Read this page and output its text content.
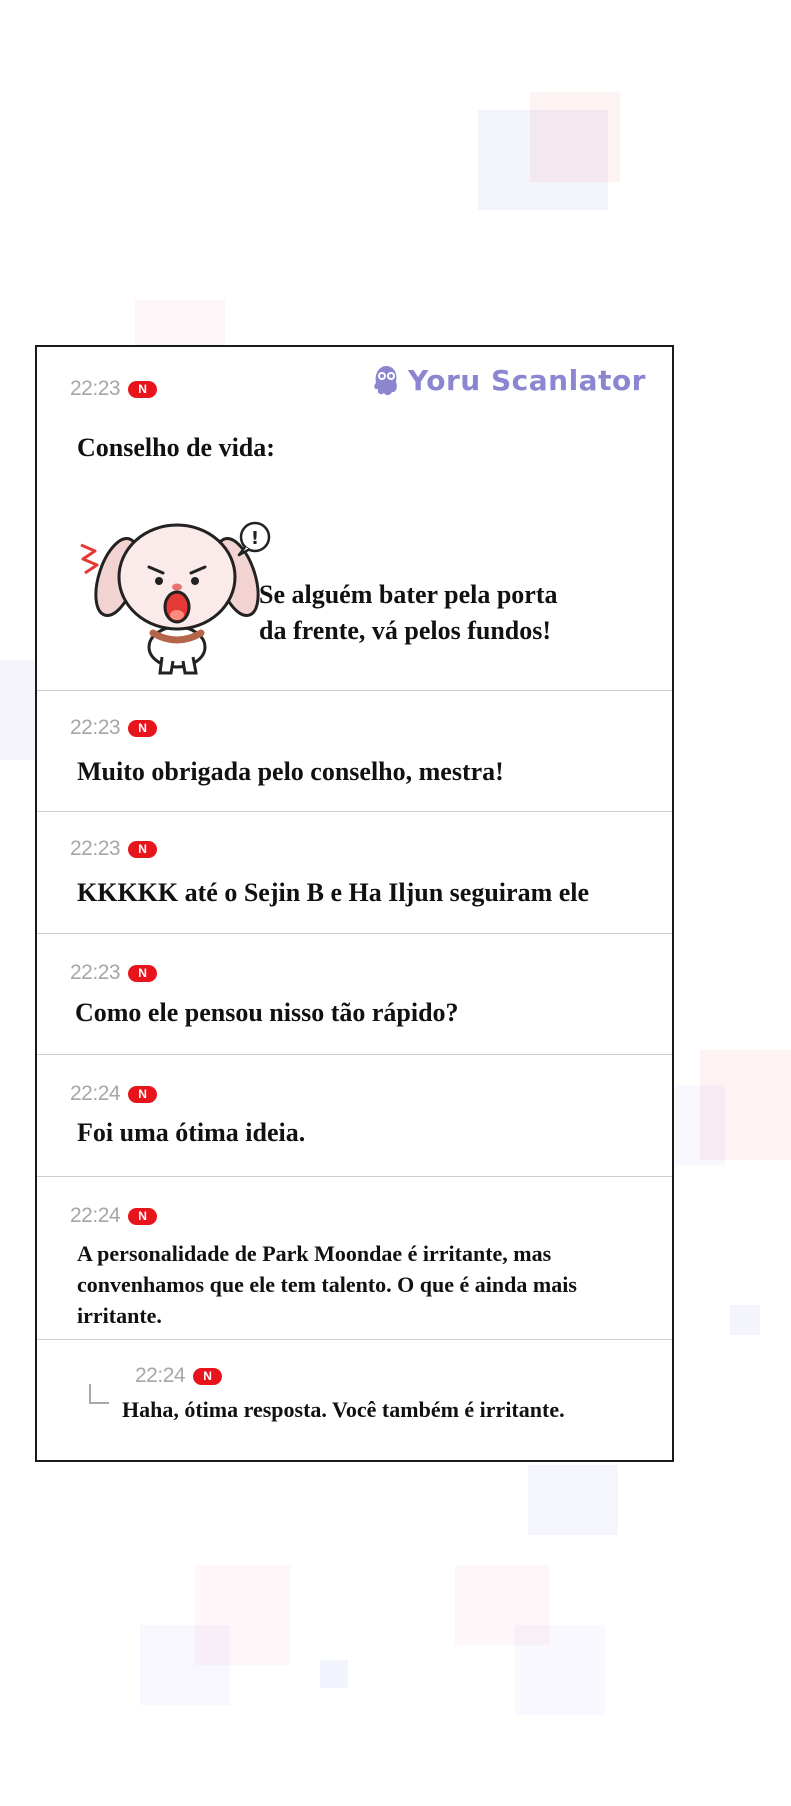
22:23	N	Yoru Scanlator
Conselho de vida:
!
Se alguém bater pela porta
da frente, vá pelos fundos!
22:23	N
Muito obrigada pelo conselho, mestra!
22:23	N
KKKKK até o Sejin B e Ha Iljun seguiram ele
22:23	N
Como ele pensou nisso tão rápido?
22:24	N
Foi uma ótima ideia.
22:24	N
A personalidade de Park Moondae é irritante, mas
convenhamos que ele tem talento. O que é ainda mais
irritante.
22:24	N
Haha, ótima resposta. Você também é irritante.
